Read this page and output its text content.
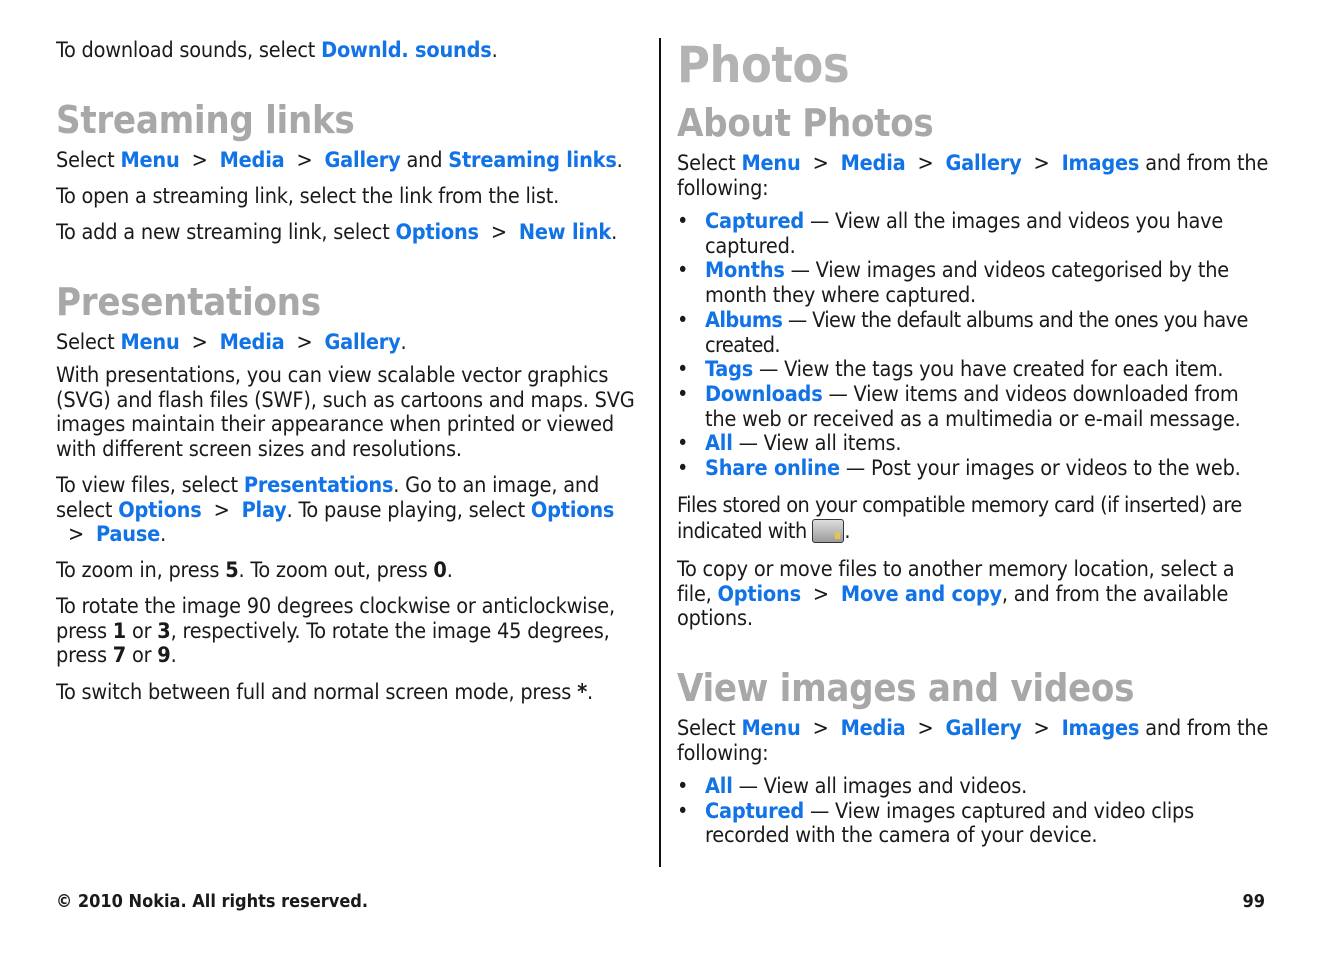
To download sounds, select Downld. sounds.

Streaming links

Select Menu > Media > Gallery and Streaming links.

To open a streaming link, select the link from the list.

To add a new streaming link, select Options > New link.

Presentations

Select Menu > Media > Gallery.

With presentations, you can view scalable vector graphics (SVG) and flash files (SWF), such as cartoons and maps. SVG images maintain their appearance when printed or viewed with different screen sizes and resolutions.

To view files, select Presentations. Go to an image, and select Options > Play. To pause playing, select Options> Pause.

To zoom in, press 5. To zoom out, press 0.

To rotate the image 90 degrees clockwise or anticlockwise, press 1 or 3, respectively. To rotate the image 45 degrees, press 7 or 9.

To switch between full and normal screen mode, press *.

Photos
About Photos

Select Menu > Media > Gallery > Images and from the following:

• Captured — View all the images and videos you have captured.
• Months — View images and videos categorised by the month they where captured.
• Albums — View the default albums and the ones you have created.
• Tags — View the tags you have created for each item.
• Downloads — View items and videos downloaded from the web or received as a multimedia or e-mail message.
• All — View all items.
• Share online — Post your images or videos to the web.

Files stored on your compatible memory card (if inserted) are indicated with .

To copy or move files to another memory location, select a file, Options > Move and copy, and from the available options.

View images and videos

Select Menu > Media > Gallery > Images and from the following:

• All — View all images and videos.
• Captured — View images captured and video clips recorded with the camera of your device.
© 2010 Nokia. All rights reserved.	99
